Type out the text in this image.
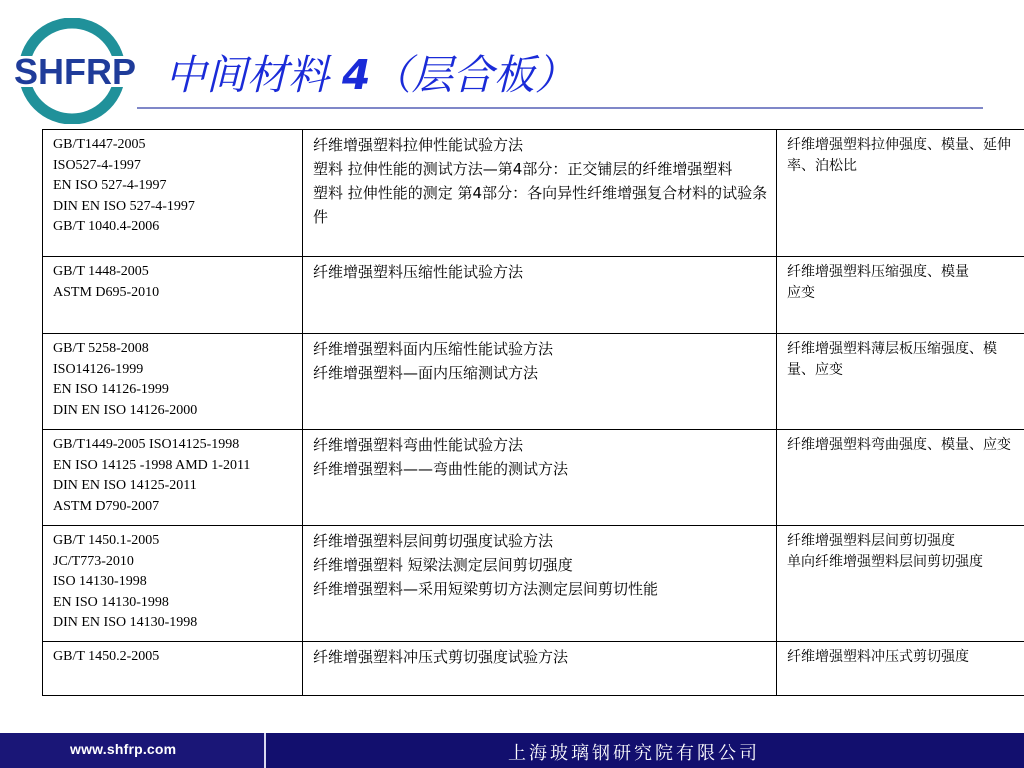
SHFRP 中间材料 4（层合板）
GB/T1447-2005
ISO527-4-1997
EN ISO 527-4-1997
DIN EN ISO 527-4-1997
GB/T 1040.4-2006	纤维增强塑料拉伸性能试验方法
塑料 拉伸性能的测试方法—第4部分：正交铺层的纤维增强塑料
塑料 拉伸性能的测定 第4部分：各向异性纤维增强复合材料的试验条件	纤维增强塑料拉伸强度、模量、延伸率、泊松比

GB/T 1448-2005
ASTM D695-2010	纤维增强塑料压缩性能试验方法	纤维增强塑料压缩强度、模量
应变

GB/T 5258-2008
ISO14126-1999
EN ISO 14126-1999
DIN EN ISO 14126-2000	纤维增强塑料面内压缩性能试验方法
纤维增强塑料—面内压缩测试方法	纤维增强塑料薄层板压缩强度、模量、应变

GB/T1449-2005 ISO14125-1998
EN ISO 14125 -1998 AMD 1-2011
DIN EN ISO 14125-2011
ASTM D790-2007	纤维增强塑料弯曲性能试验方法
纤维增强塑料——弯曲性能的测试方法	纤维增强塑料弯曲强度、模量、应变

GB/T 1450.1-2005
JC/T773-2010
ISO 14130-1998
EN ISO 14130-1998
DIN EN ISO 14130-1998	纤维增强塑料层间剪切强度试验方法
纤维增强塑料 短梁法测定层间剪切强度
纤维增强塑料—采用短梁剪切方法测定层间剪切性能	纤维增强塑料层间剪切强度
单向纤维增强塑料层间剪切强度

GB/T 1450.2-2005	纤维增强塑料冲压式剪切强度试验方法	纤维增强塑料冲压式剪切强度
www.shfrp.com	上海玻璃钢研究院有限公司
